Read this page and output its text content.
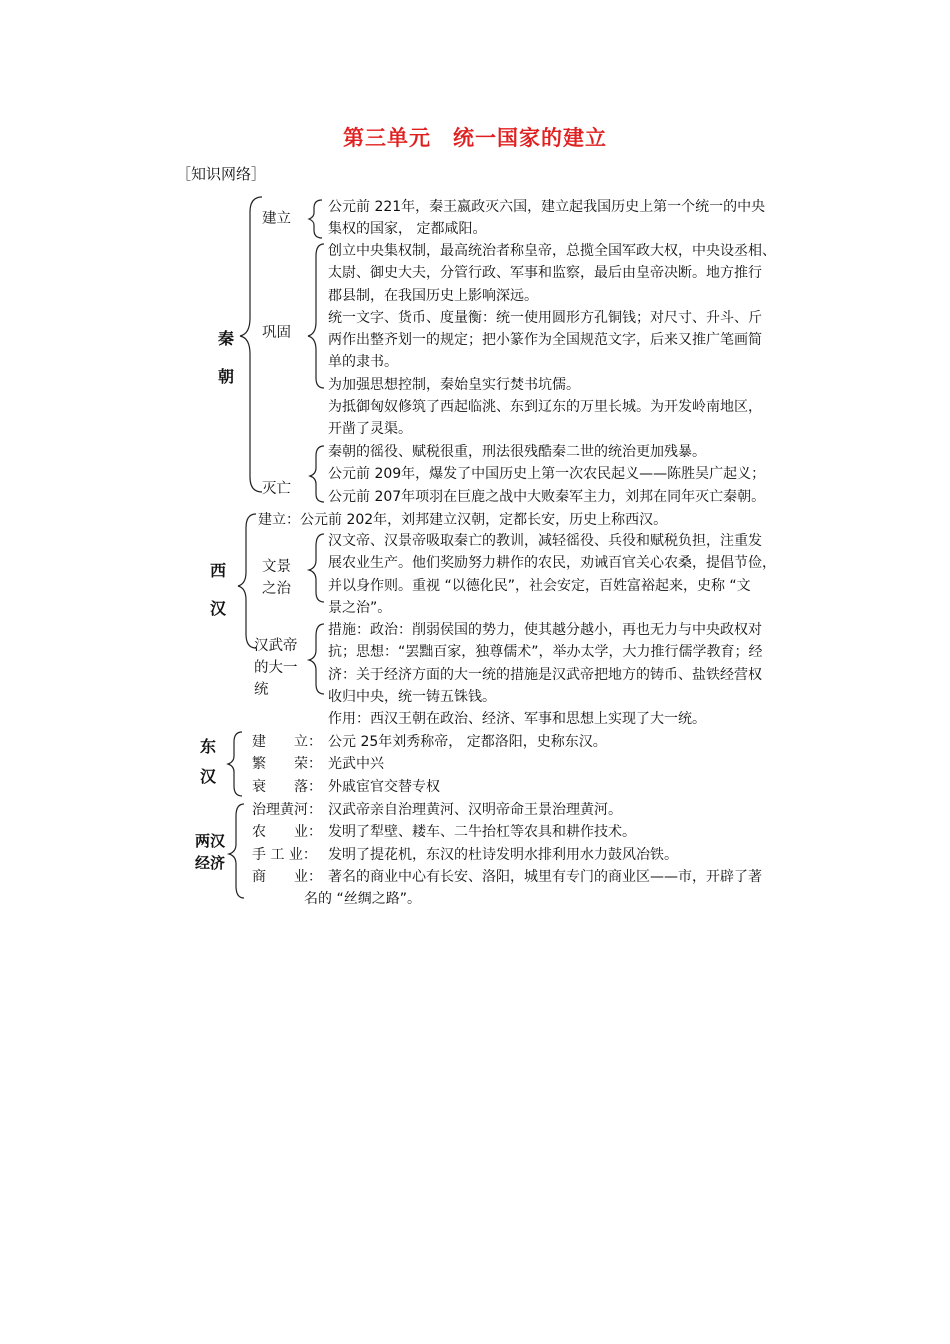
第三单元　统一国家的建立
［知识网络］
秦
朝
建立
公元前 221年，秦王嬴政灭六国，建立起我国历史上第一个统一的中央
集权的国家， 定都咸阳。
巩固
创立中央集权制，最高统治者称皇帝，总揽全国军政大权，中央设丞相、
太尉、御史大夫，分管行政、军事和监察，最后由皇帝决断。地方推行
郡县制，在我国历史上影响深远。
统一文字、货币、度量衡：统一使用圆形方孔铜钱；对尺寸、升斗、斤
两作出整齐划一的规定；把小篆作为全国规范文字，后来又推广笔画简
单的隶书。
为加强思想控制，秦始皇实行焚书坑儒。
为抵御匈奴修筑了西起临洮、东到辽东的万里长城。为开发岭南地区，
开凿了灵渠。
灭亡
秦朝的徭役、赋税很重，刑法很残酷秦二世的统治更加残暴。
公元前 209年，爆发了中国历史上第一次农民起义——陈胜吴广起义；
公元前 207年项羽在巨鹿之战中大败秦军主力，刘邦在同年灭亡秦朝。
西
汉
建立：公元前 202年，刘邦建立汉朝，定都长安，历史上称西汉。
文景
之治
汉文帝、汉景帝吸取秦亡的教训，减轻徭役、兵役和赋税负担，注重发
展农业生产。他们奖励努力耕作的农民，劝诫百官关心农桑，提倡节俭，
并以身作则。重视 “以德化民”，社会安定，百姓富裕起来，史称 “文
景之治”。
汉武帝
的大一
统
措施：政治：削弱侯国的势力，使其越分越小，再也无力与中央政权对
抗；思想：“罢黜百家，独尊儒术”，举办太学，大力推行儒学教育；经
济：关于经济方面的大一统的措施是汉武帝把地方的铸币、盐铁经营权
收归中央，统一铸五铢钱。
作用：西汉王朝在政治、经济、军事和思想上实现了大一统。
东
汉
建　　立： 公元 25年刘秀称帝， 定都洛阳，史称东汉。
繁　　荣： 光武中兴
衰　　落： 外戚宦官交替专权
两汉
经济
治理黄河： 汉武帝亲自治理黄河、汉明帝命王景治理黄河。
农　　业： 发明了犁壁、耧车、二牛抬杠等农具和耕作技术。
手 工 业： 发明了提花机，东汉的杜诗发明水排利用水力鼓风冶铁。
商　　业： 著名的商业中心有长安、洛阳，城里有专门的商业区——市，开辟了著
名的 “丝绸之路”。
